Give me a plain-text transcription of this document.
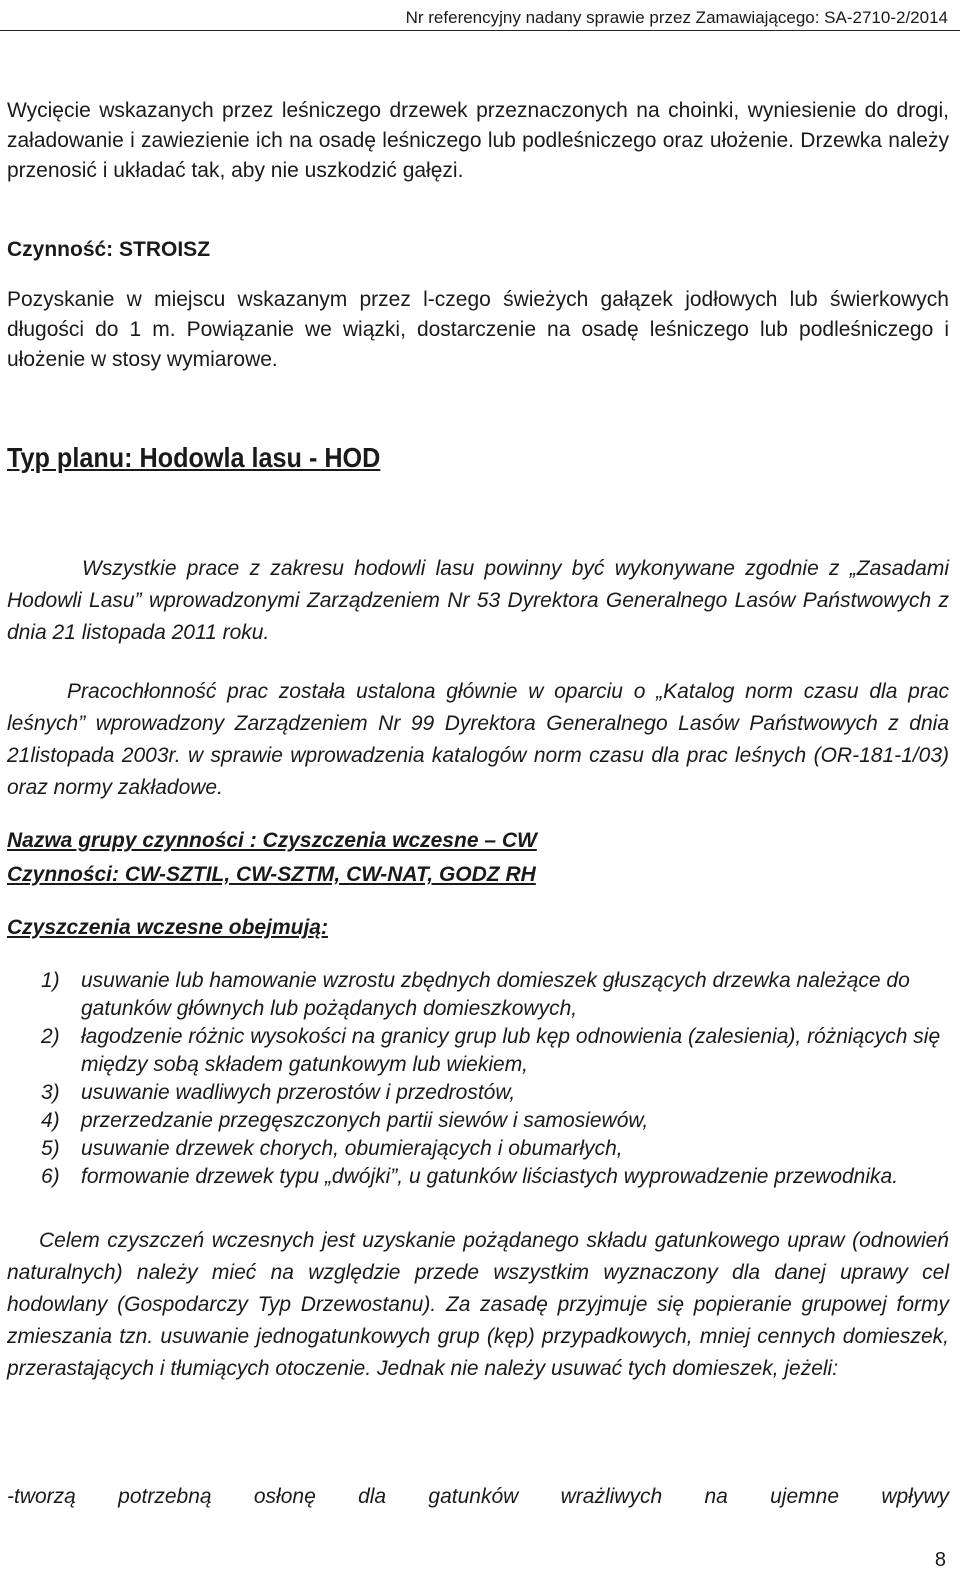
Nr referencyjny nadany sprawie przez Zamawiającego: SA-2710-2/2014

Wycięcie wskazanych przez leśniczego drzewek przeznaczonych na choinki, wyniesienie do drogi, załadowanie i zawiezienie ich na osadę leśniczego lub podleśniczego oraz ułożenie. Drzewka należy przenosić i układać tak, aby nie uszkodzić gałęzi.

Czynność: STROISZ

Pozyskanie w miejscu wskazanym przez l-czego świeżych gałązek jodłowych lub świerkowych długości do 1 m. Powiązanie we wiązki, dostarczenie na osadę leśniczego lub podleśniczego i ułożenie w stosy wymiarowe.

Typ planu: Hodowla lasu - HOD

Wszystkie prace z zakresu hodowli lasu powinny być wykonywane zgodnie z „Zasadami Hodowli Lasu” wprowadzonymi Zarządzeniem Nr 53 Dyrektora Generalnego Lasów Państwowych z dnia 21 listopada 2011 roku.

Pracochłonność prac została ustalona głównie w oparciu o „Katalog norm czasu dla prac leśnych” wprowadzony Zarządzeniem Nr 99 Dyrektora Generalnego Lasów Państwowych z dnia 21listopada 2003r. w sprawie wprowadzenia katalogów norm czasu dla prac leśnych (OR-181-1/03) oraz normy zakładowe.

Nazwa grupy czynności : Czyszczenia wczesne – CW

Czynności: CW-SZTIL, CW-SZTM, CW-NAT, GODZ RH

Czyszczenia wczesne obejmują:

1) usuwanie lub hamowanie wzrostu zbędnych domieszek głuszących drzewka należące do gatunków głównych lub pożądanych domieszkowych,
2) łagodzenie różnic wysokości na granicy grup lub kęp odnowienia (zalesienia), różniących się między sobą składem gatunkowym lub wiekiem,
3) usuwanie wadliwych przerostów i przedrostów,
4) przerzedzanie przegęszczonych partii siewów i samosiewów,
5) usuwanie drzewek chorych, obumierających i obumarłych,
6) formowanie drzewek typu „dwójki”, u gatunków liściastych wyprowadzenie przewodnika.

Celem czyszczeń wczesnych jest uzyskanie pożądanego składu gatunkowego upraw (odnowień naturalnych) należy mieć na względzie przede wszystkim wyznaczony dla danej uprawy cel hodowlany (Gospodarczy Typ Drzewostanu). Za zasadę przyjmuje się popieranie grupowej formy zmieszania tzn. usuwanie jednogatunkowych grup (kęp) przypadkowych, mniej cennych domieszek, przerastających i tłumiących otoczenie. Jednak nie należy usuwać tych domieszek, jeżeli:

-tworzą potrzebną osłonę dla gatunków wrażliwych na ujemne wpływy

8
